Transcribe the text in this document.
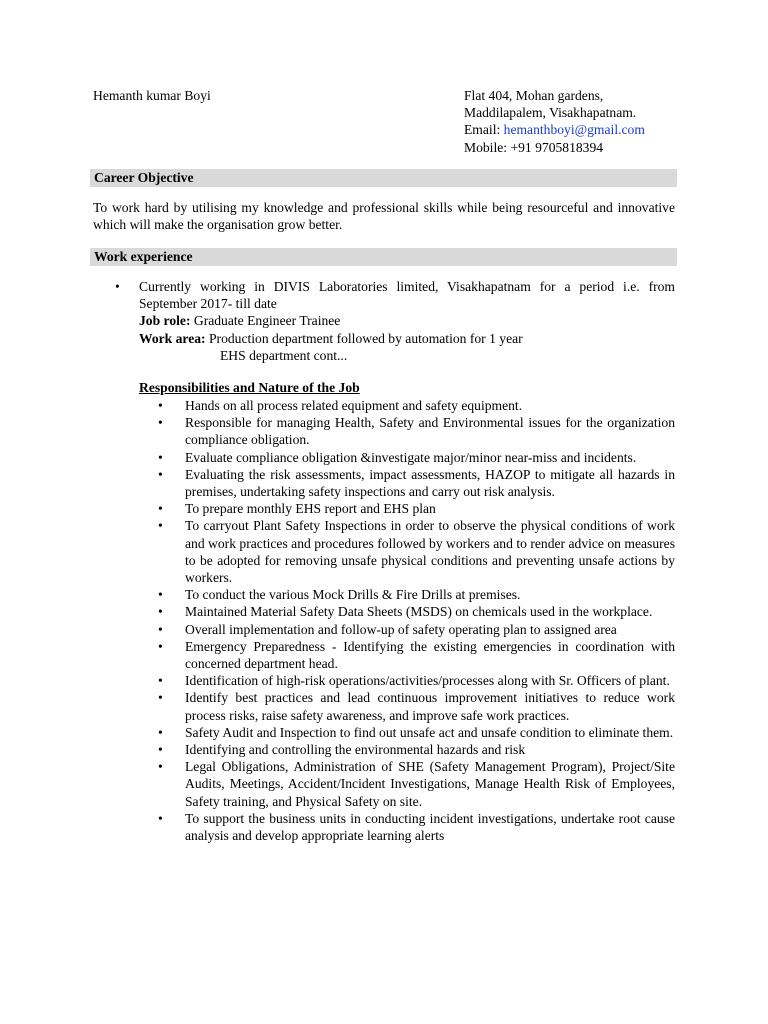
Hemanth kumar Boyi	Flat 404, Mohan gardens,
Maddilapalem, Visakhapatnam.
Email: hemanthboyi@gmail.com
Mobile: +91 9705818394
Career Objective
To work hard by utilising my knowledge and professional skills while being resourceful and innovative which will make the organisation grow better.
Work experience
• Currently working in DIVIS Laboratories limited, Visakhapatnam for a period i.e. from September 2017- till date
Job role: Graduate Engineer Trainee
Work area: Production department followed by automation for 1 year
EHS department cont...
Responsibilities and Nature of the Job
• Hands on all process related equipment and safety equipment.
• Responsible for managing Health, Safety and Environmental issues for the organization compliance obligation.
• Evaluate compliance obligation &investigate major/minor near-miss and incidents.
• Evaluating the risk assessments, impact assessments, HAZOP to mitigate all hazards in premises, undertaking safety inspections and carry out risk analysis.
• To prepare monthly EHS report and EHS plan
• To carryout Plant Safety Inspections in order to observe the physical conditions of work and work practices and procedures followed by workers and to render advice on measures to be adopted for removing unsafe physical conditions and preventing unsafe actions by workers.
• To conduct the various Mock Drills & Fire Drills at premises.
• Maintained Material Safety Data Sheets (MSDS) on chemicals used in the workplace.
• Overall implementation and follow-up of safety operating plan to assigned area
• Emergency Preparedness - Identifying the existing emergencies in coordination with concerned department head.
• Identification of high-risk operations/activities/processes along with Sr. Officers of plant.
• Identify best practices and lead continuous improvement initiatives to reduce work process risks, raise safety awareness, and improve safe work practices.
• Safety Audit and Inspection to find out unsafe act and unsafe condition to eliminate them.
• Identifying and controlling the environmental hazards and risk
• Legal Obligations, Administration of SHE (Safety Management Program), Project/Site Audits, Meetings, Accident/Incident Investigations, Manage Health Risk of Employees, Safety training, and Physical Safety on site.
• To support the business units in conducting incident investigations, undertake root cause analysis and develop appropriate learning alerts
